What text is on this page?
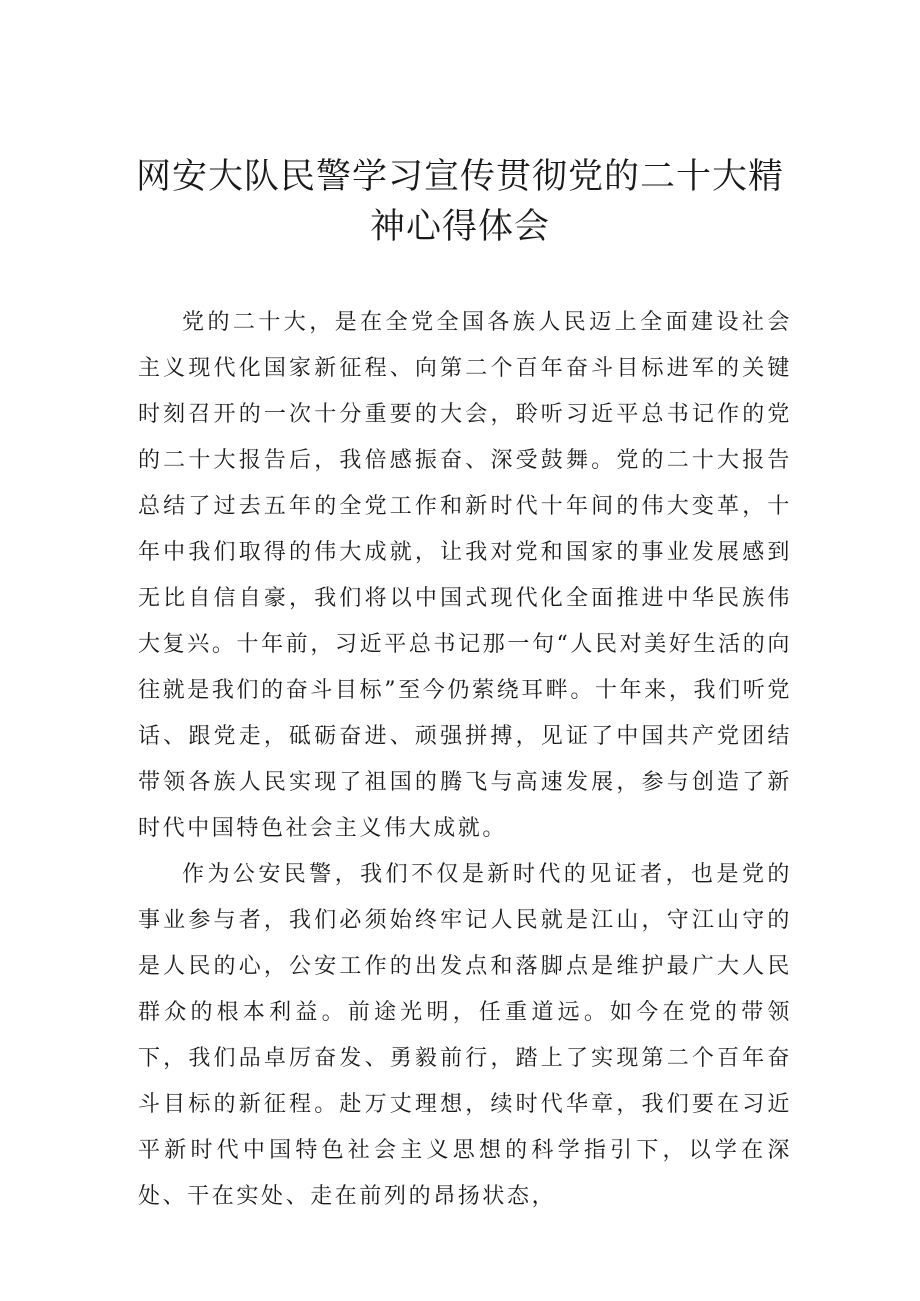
网安大队民警学习宣传贯彻党的二十大精
神心得体会

党的二十大，是在全党全国各族人民迈上全面建设社会主义现代化国家新征程、向第二个百年奋斗目标进军的关键时刻召开的一次十分重要的大会，聆听习近平总书记作的党的二十大报告后，我倍感振奋、深受鼓舞。党的二十大报告总结了过去五年的全党工作和新时代十年间的伟大变革，十年中我们取得的伟大成就，让我对党和国家的事业发展感到无比自信自豪，我们将以中国式现代化全面推进中华民族伟大复兴。十年前，习近平总书记那一句“人民对美好生活的向往就是我们的奋斗目标”至今仍萦绕耳畔。十年来，我们听党话、跟党走，砥砺奋进、顽强拼搏，见证了中国共产党团结带领各族人民实现了祖国的腾飞与高速发展，参与创造了新时代中国特色社会主义伟大成就。

作为公安民警，我们不仅是新时代的见证者，也是党的事业参与者，我们必须始终牢记人民就是江山，守江山守的是人民的心，公安工作的出发点和落脚点是维护最广大人民群众的根本利益。前途光明，任重道远。如今在党的带领下，我们品卓厉奋发、勇毅前行，踏上了实现第二个百年奋斗目标的新征程。赴万丈理想，续时代华章，我们要在习近平新时代中国特色社会主义思想的科学指引下，以学在深处、干在实处、走在前列的昂扬状态，
